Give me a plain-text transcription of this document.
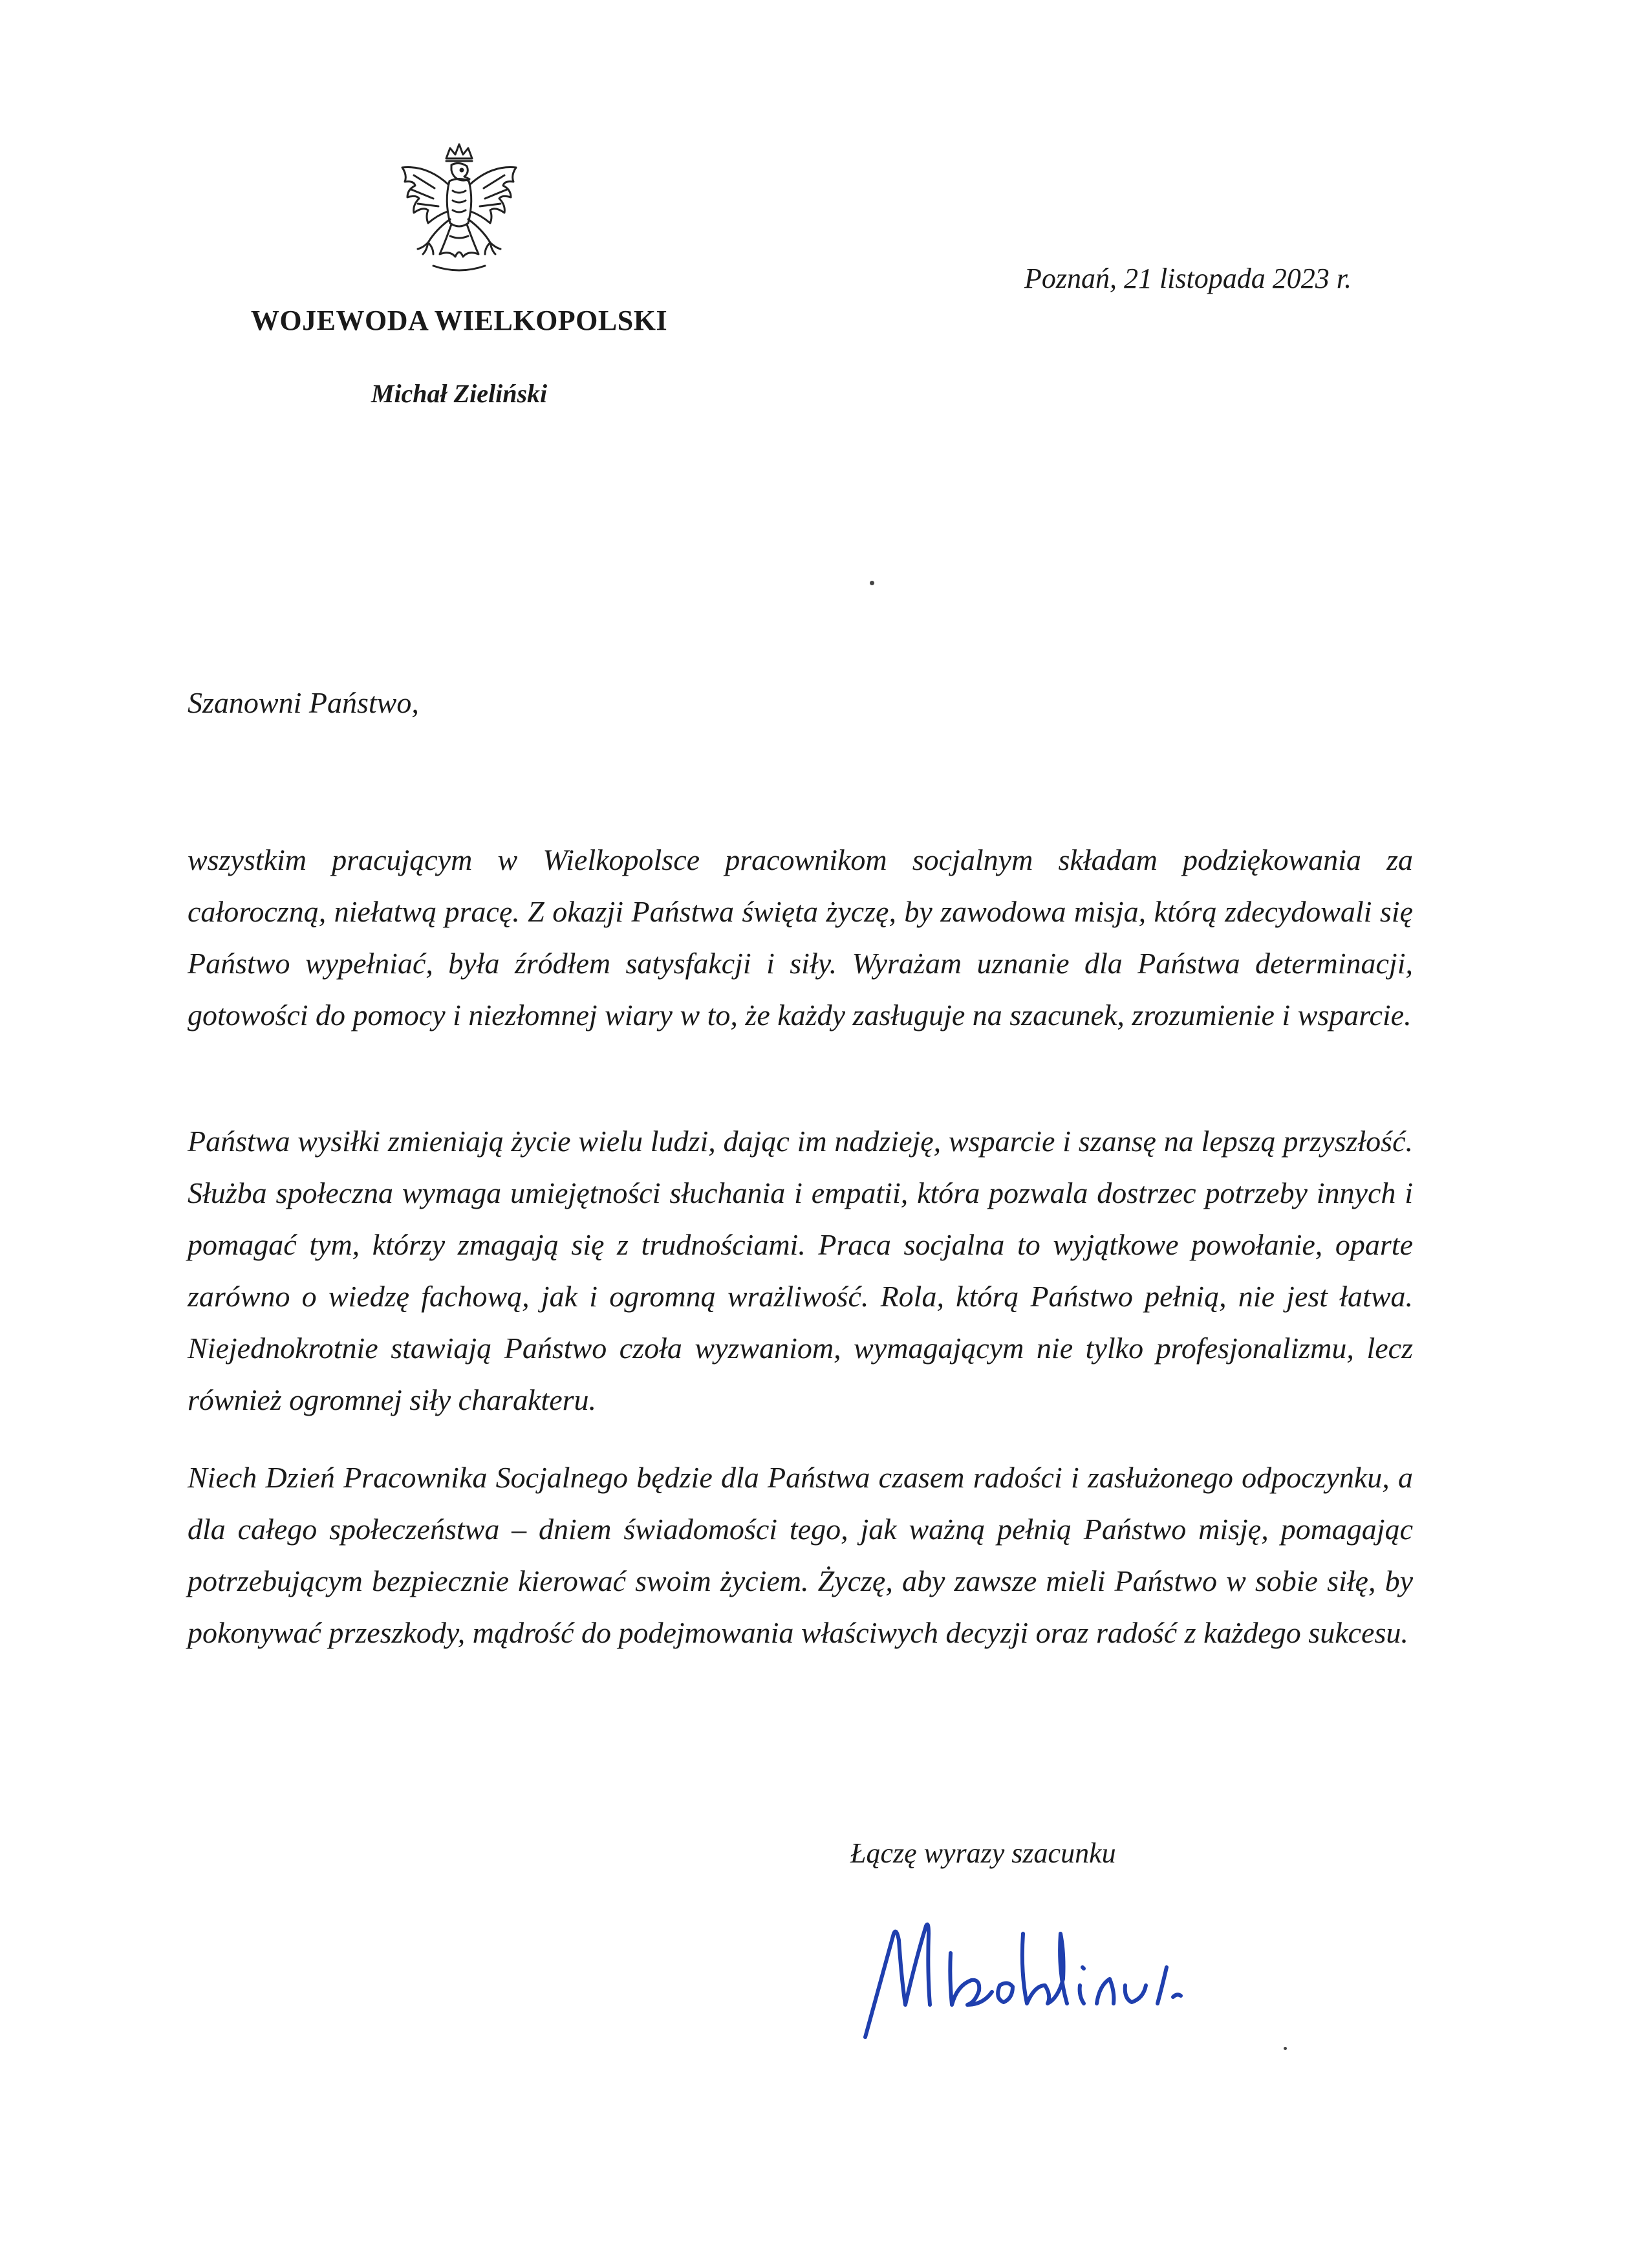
WOJEWODA WIELKOPOLSKI
Michał Zieliński
Poznań, 21 listopada 2023 r.
Szanowni Państwo,

wszystkim pracującym w Wielkopolsce pracownikom socjalnym składam podziękowania za całoroczną, niełatwą pracę. Z okazji Państwa święta życzę, by zawodowa misja, którą zdecydowali się Państwo wypełniać, była źródłem satysfakcji i siły. Wyrażam uznanie dla Państwa determinacji, gotowości do pomocy i niezłomnej wiary w to, że każdy zasługuje na szacunek, zrozumienie i wsparcie.

Państwa wysiłki zmieniają życie wielu ludzi, dając im nadzieję, wsparcie i szansę na lepszą przyszłość. Służba społeczna wymaga umiejętności słuchania i empatii, która pozwala dostrzec potrzeby innych i pomagać tym, którzy zmagają się z trudnościami. Praca socjalna to wyjątkowe powołanie, oparte zarówno o wiedzę fachową, jak i ogromną wrażliwość. Rola, którą Państwo pełnią, nie jest łatwa. Niejednokrotnie stawiają Państwo czoła wyzwaniom, wymagającym nie tylko profesjonalizmu, lecz również ogromnej siły charakteru.

Niech Dzień Pracownika Socjalnego będzie dla Państwa czasem radości i zasłużonego odpoczynku, a dla całego społeczeństwa – dniem świadomości tego, jak ważną pełnią Państwo misję, pomagając potrzebującym bezpiecznie kierować swoim życiem. Życzę, aby zawsze mieli Państwo w sobie siłę, by pokonywać przeszkody, mądrość do podejmowania właściwych decyzji oraz radość z każdego sukcesu.

Łączę wyrazy szacunku
